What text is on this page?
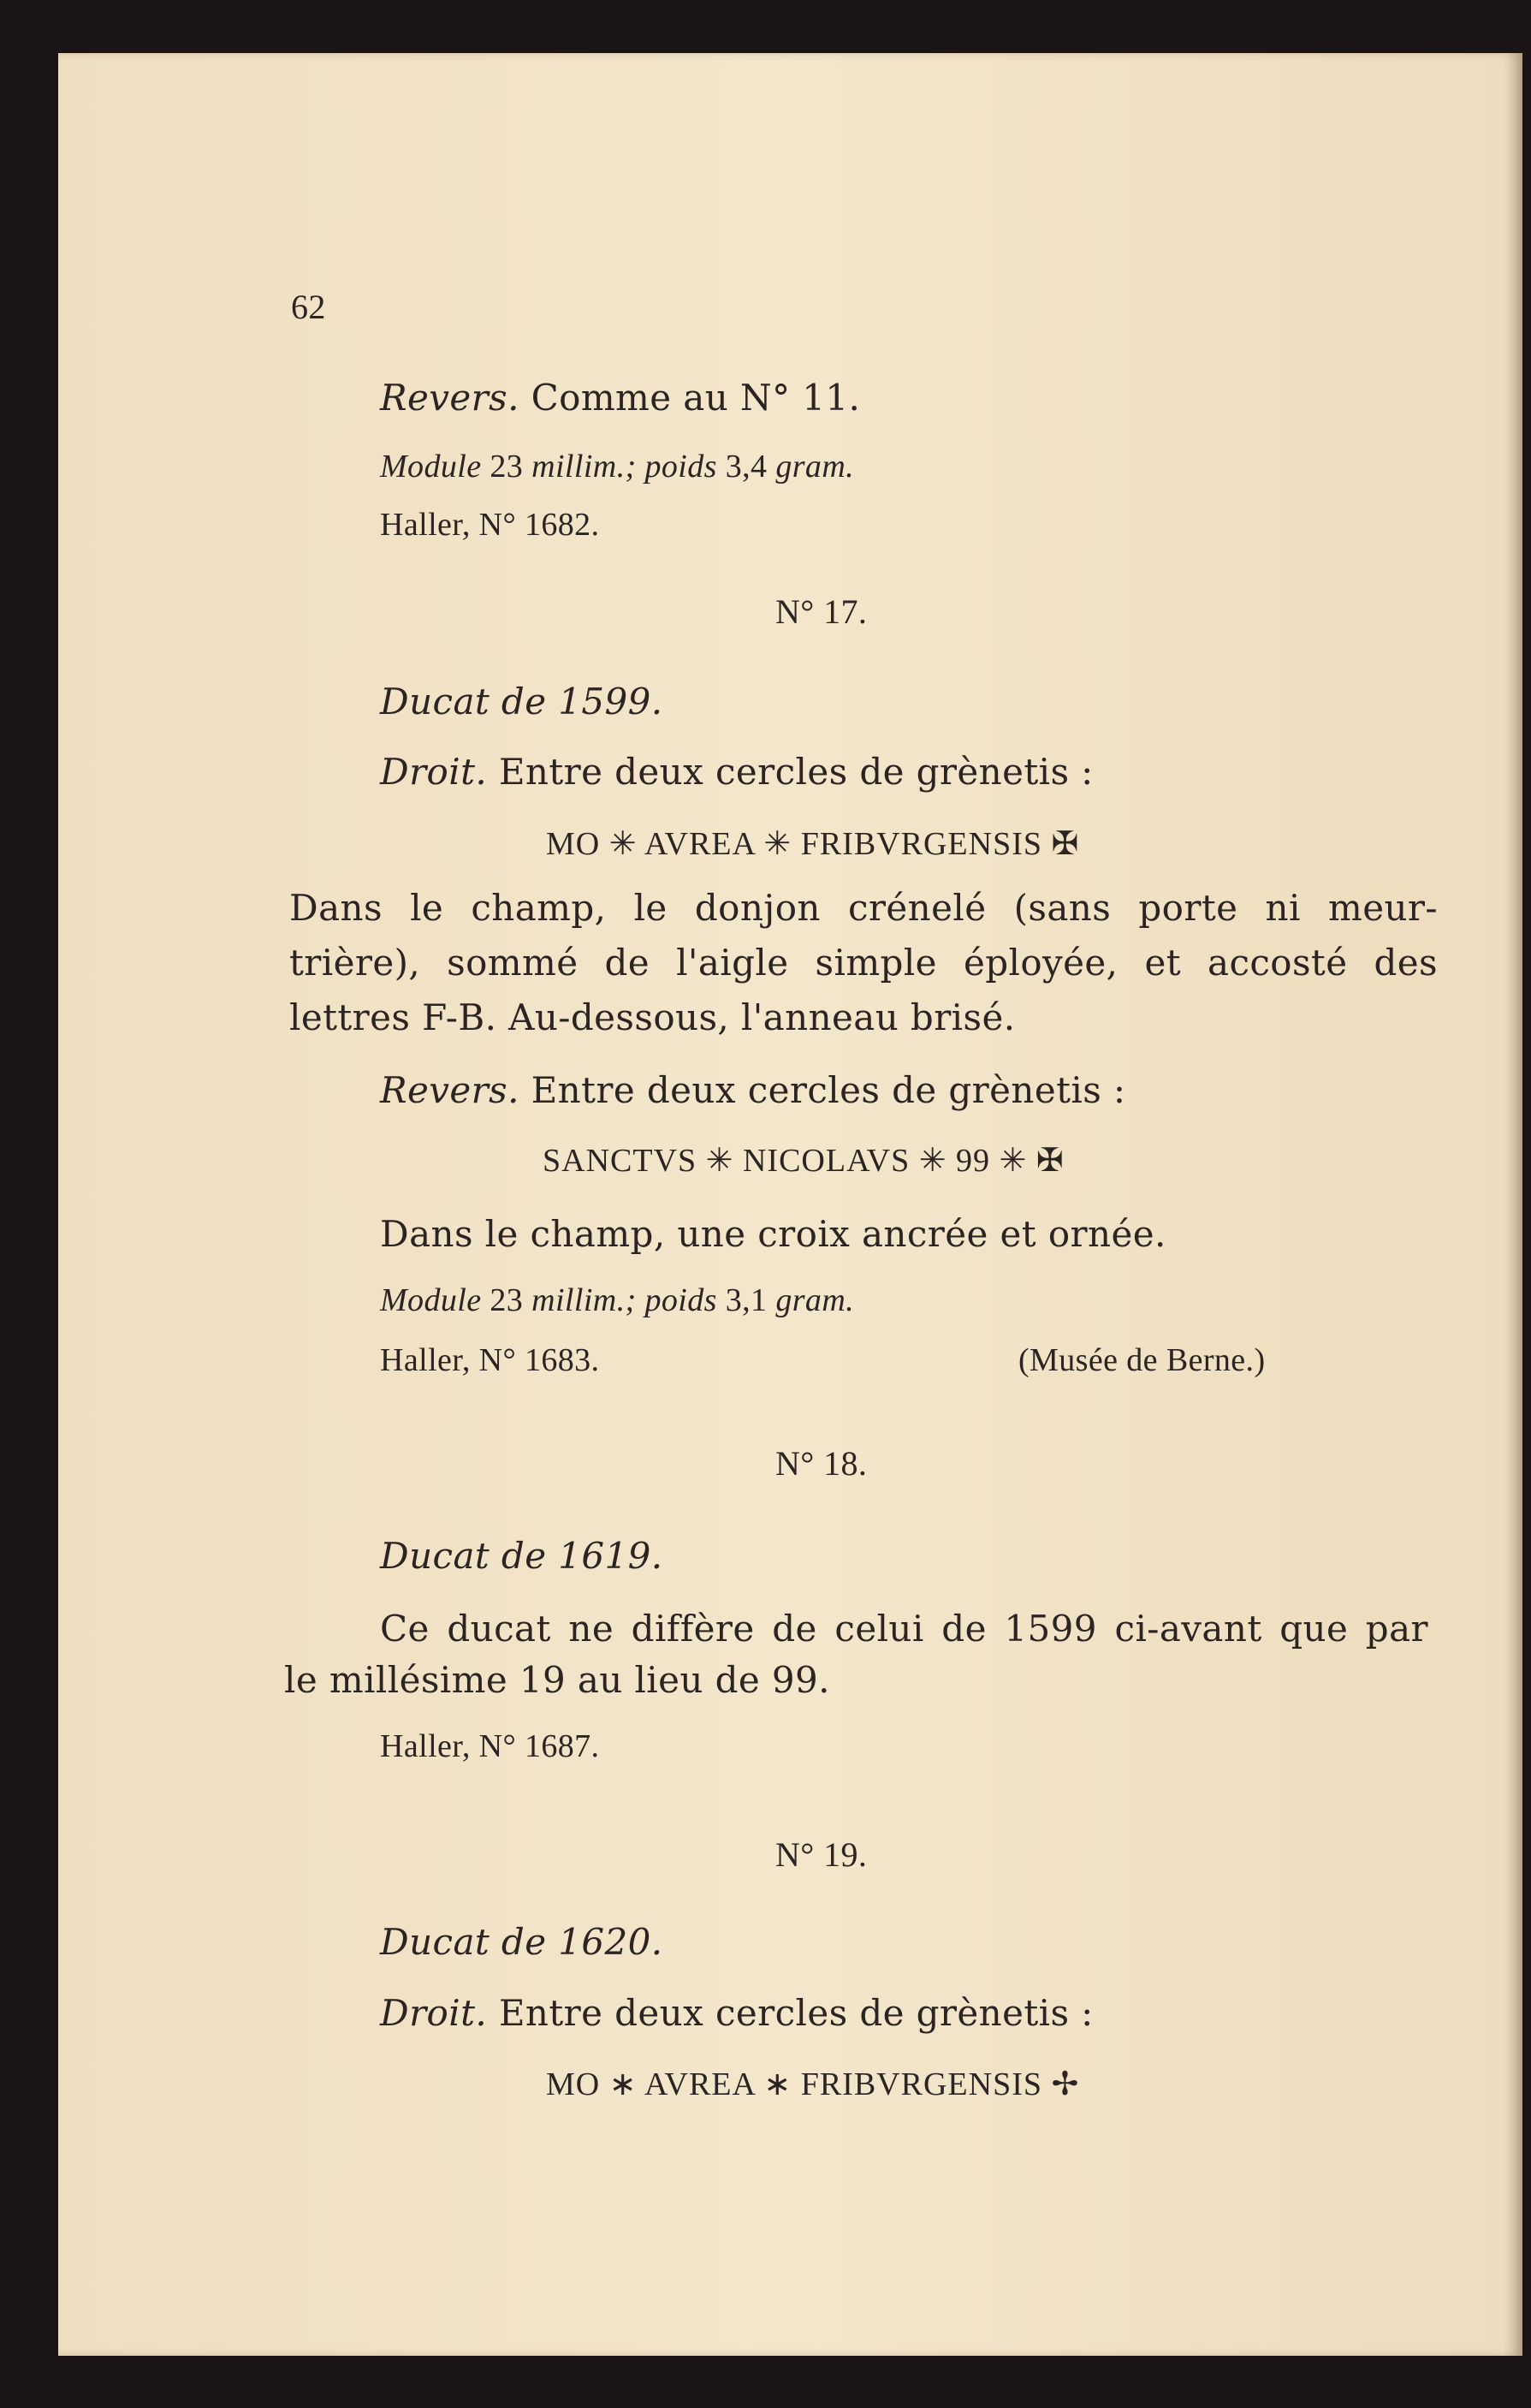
62
Revers. Comme au N° 11.
Module 23 millim.; poids 3,4 gram.
Haller, N° 1682.
N° 17.
Ducat de 1599.
Droit. Entre deux cercles de grènetis :
MO ✳ AVREA ✳ FRIBVRGENSIS ✠
Dans le champ, le donjon crénelé (sans porte ni meur-
trière), sommé de l'aigle simple éployée, et accosté des
lettres F-B. Au-dessous, l'anneau brisé.
Revers. Entre deux cercles de grènetis :
SANCTVS ✳ NICOLAVS ✳ 99 ✳ ✠
Dans le champ, une croix ancrée et ornée.
Module 23 millim.; poids 3,1 gram.
Haller, N° 1683.	(Musée de Berne.)
N° 18.
Ducat de 1619.
Ce ducat ne diffère de celui de 1599 ci-avant que par
le millésime 19 au lieu de 99.
Haller, N° 1687.
N° 19.
Ducat de 1620.
Droit. Entre deux cercles de grènetis :
MO ∗ AVREA ∗ FRIBVRGENSIS ✢
